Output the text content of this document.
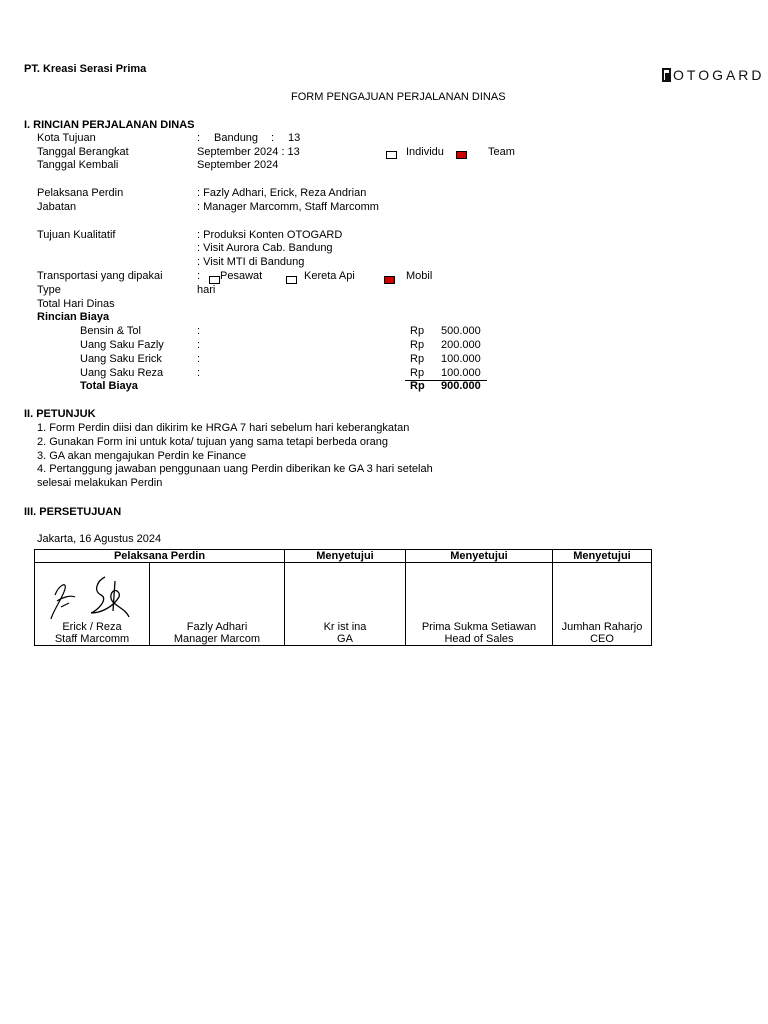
PT. Kreasi Serasi Prima	OTOGARD
FORM PENGAJUAN PERJALANAN DINAS
I. RINCIAN PERJALANAN DINAS
Kota Tujuan	: Bandung : 13
Tanggal Berangkat	September 2024 : 13	Individu	Team
Tanggal Kembali	September 2024
Pelaksana Perdin	: Fazly Adhari, Erick, Reza Andrian
Jabatan	: Manager Marcomm, Staff Marcomm
Tujuan Kualitatif	: Produksi Konten OTOGARD
: Visit Aurora Cab. Bandung
: Visit MTI di Bandung
Transportasi yang dipakai	: Pesawat	Kereta Api	Mobil
Type	hari
Total Hari Dinas
Rincian Biaya
Bensin & Tol	:	Rp 500.000
Uang Saku Fazly	:	Rp 200.000
Uang Saku Erick	:	Rp 100.000
Uang Saku Reza	:	Rp 100.000
Total Biaya	Rp 900.000
II. PETUNJUK
1. Form Perdin diisi dan dikirim ke HRGA 7 hari sebelum hari keberangkatan
2. Gunakan Form ini untuk kota/ tujuan yang sama tetapi berbeda orang
3. GA akan mengajukan Perdin ke Finance
4. Pertanggung jawaban penggunaan uang Perdin diberikan ke GA 3 hari setelah
selesai melakukan Perdin
III. PERSETUJUAN
Jakarta, 16 Agustus 2024
Pelaksana Perdin		Menyetujui	Menyetujui	Menyetujui

Erick / Reza	Fazly Adhari	Kr ist ina	Prima Sukma Setiawan	Jumhan Raharjo
Staff Marcomm	Manager Marcom	GA	Head of Sales	CEO
